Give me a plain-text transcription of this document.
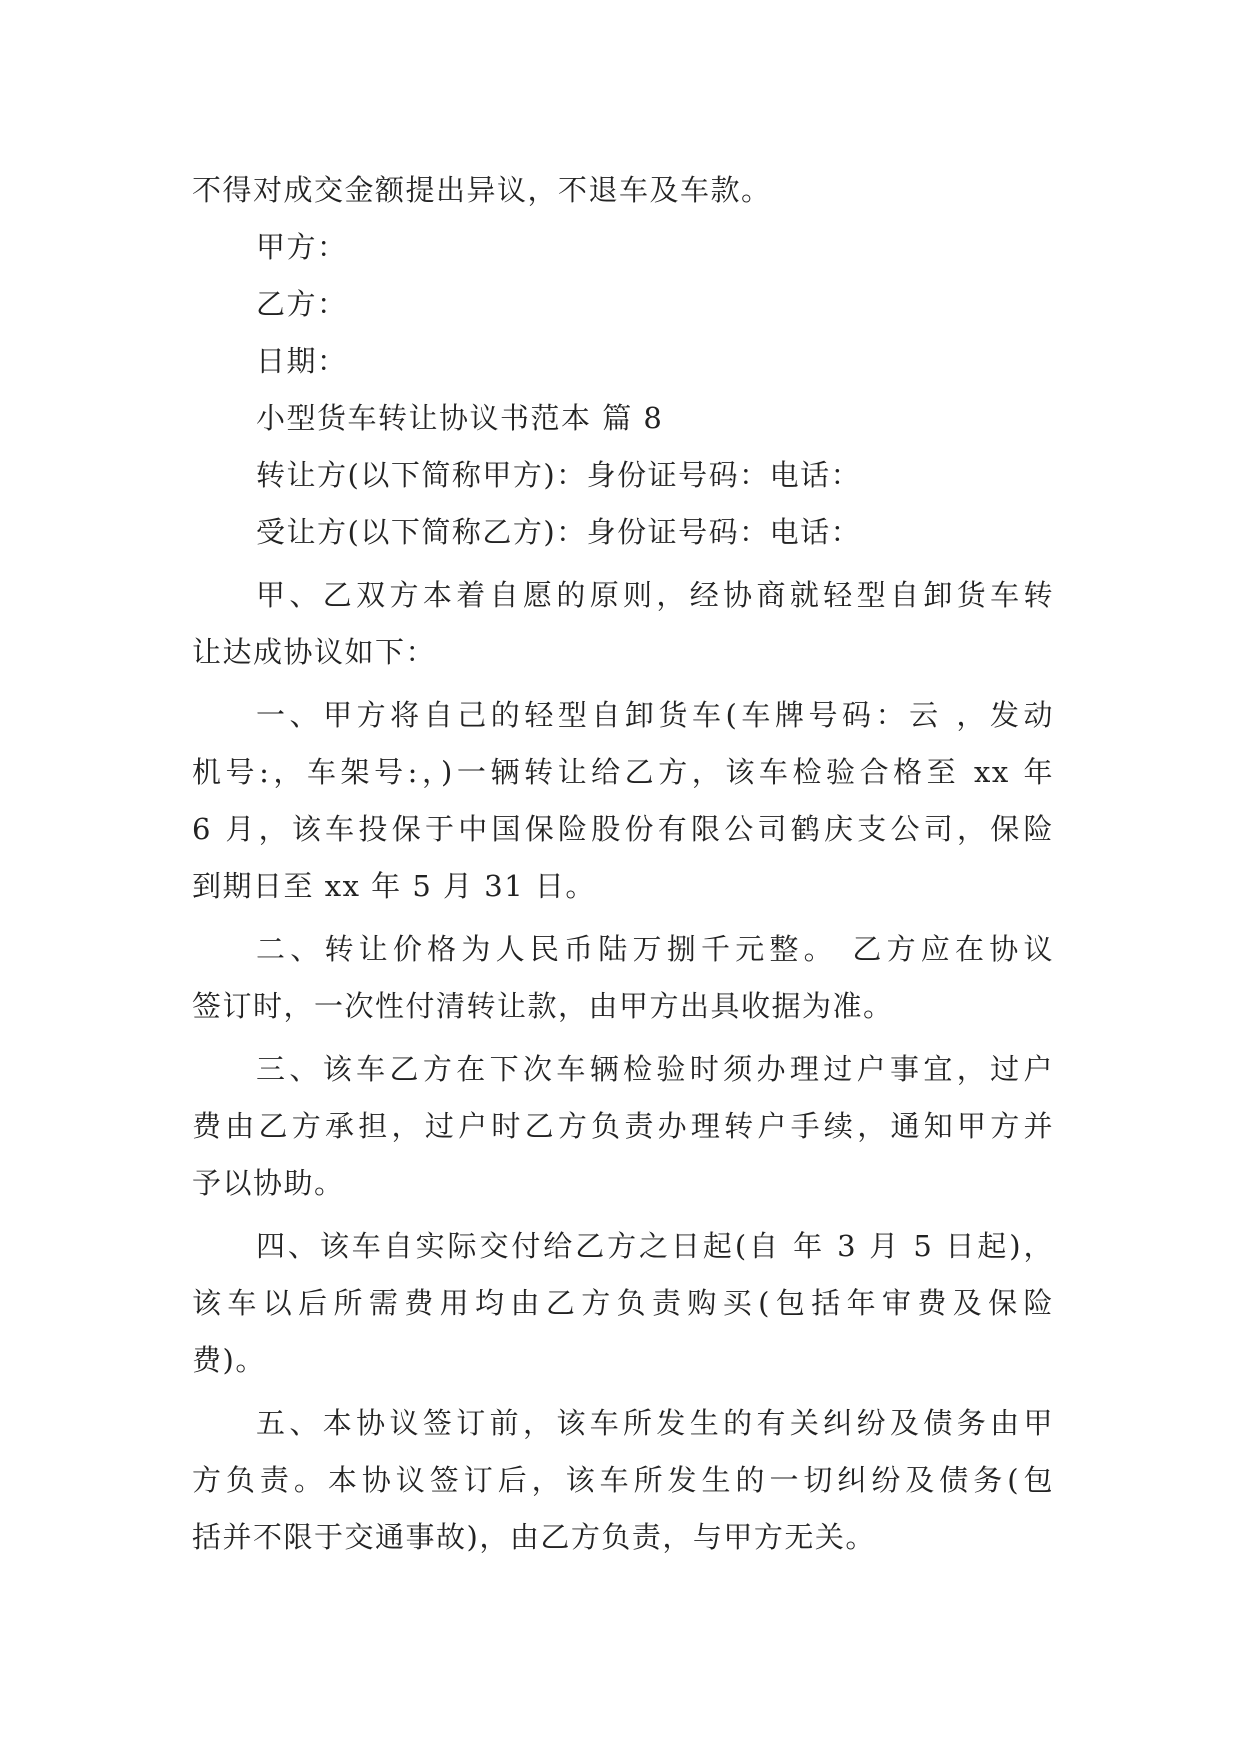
不得对成交金额提出异议，不退车及车款。
甲方：
乙方：
日期：
小型货车转让协议书范本 篇 8
转让方(以下简称甲方)：身份证号码：电话：
受让方(以下简称乙方)：身份证号码：电话：
甲、乙双方本着自愿的原则，经协商就轻型自卸货车转
让达成协议如下：
一、甲方将自己的轻型自卸货车(车牌号码：云 ，发动
机号:，车架号:，)一辆转让给乙方，该车检验合格至 xx 年
6 月，该车投保于中国保险股份有限公司鹤庆支公司，保险
到期日至 xx 年 5 月 31 日。
二、转让价格为人民币陆万捌千元整。 乙方应在协议
签订时，一次性付清转让款，由甲方出具收据为准。
三、该车乙方在下次车辆检验时须办理过户事宜，过户
费由乙方承担，过户时乙方负责办理转户手续，通知甲方并
予以协助。
四、该车自实际交付给乙方之日起(自 年 3 月 5 日起)，
该车以后所需费用均由乙方负责购买(包括年审费及保险
费)。
五、本协议签订前，该车所发生的有关纠纷及债务由甲
方负责。本协议签订后，该车所发生的一切纠纷及债务(包
括并不限于交通事故)，由乙方负责，与甲方无关。
